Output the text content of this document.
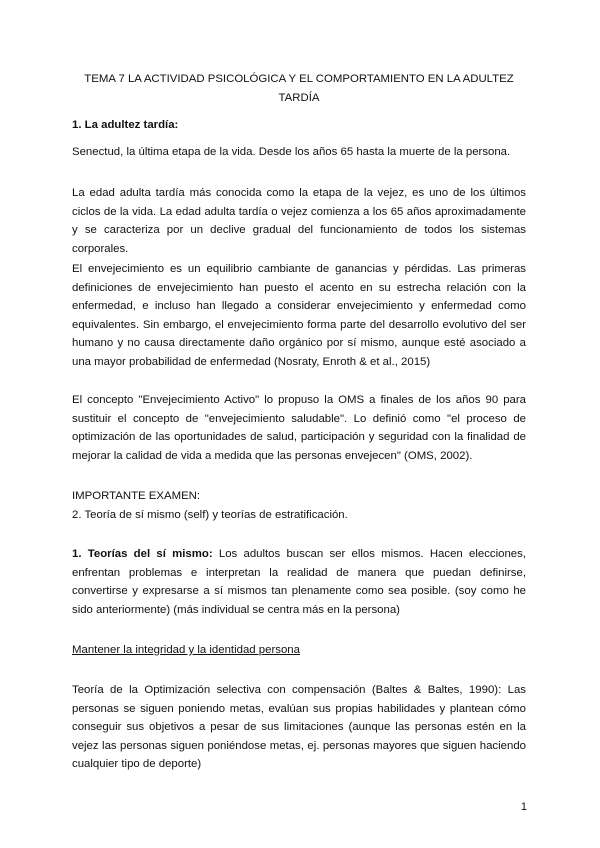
TEMA 7 LA ACTIVIDAD PSICOLÓGICA Y EL COMPORTAMIENTO EN LA ADULTEZ TARDÍA

1. La adultez tardía:

Senectud, la última etapa de la vida. Desde los años 65 hasta la muerte de la persona.

La edad adulta tardía más conocida como la etapa de la vejez, es uno de los últimos ciclos de la vida. La edad adulta tardía o vejez comienza a los 65 años aproximadamente y se caracteriza por un declive gradual del funcionamiento de todos los sistemas corporales.

El envejecimiento es un equilibrio cambiante de ganancias y pérdidas. Las primeras definiciones de envejecimiento han puesto el acento en su estrecha relación con la enfermedad, e incluso han llegado a considerar envejecimiento y enfermedad como equivalentes. Sin embargo, el envejecimiento forma parte del desarrollo evolutivo del ser humano y no causa directamente daño orgánico por sí mismo, aunque esté asociado a una mayor probabilidad de enfermedad (Nosraty, Enroth & et al., 2015)

El concepto "Envejecimiento Activo" lo propuso la OMS a finales de los años 90 para sustituir el concepto de "envejecimiento saludable". Lo definió como "el proceso de optimización de las oportunidades de salud, participación y seguridad con la finalidad de mejorar la calidad de vida a medida que las personas envejecen" (OMS, 2002).

IMPORTANTE EXAMEN:

2. Teoría de sí mismo (self) y teorías de estratificación.

1. Teorías del sí mismo: Los adultos buscan ser ellos mismos. Hacen elecciones, enfrentan problemas e interpretan la realidad de manera que puedan definirse, convertirse y expresarse a sí mismos tan plenamente como sea posible. (soy como he sido anteriormente) (más individual se centra más en la persona)

Mantener la integridad y la identidad persona

Teoría de la Optimización selectiva con compensación (Baltes & Baltes, 1990): Las personas se siguen poniendo metas, evalúan sus propias habilidades y plantean cómo conseguir sus objetivos a pesar de sus limitaciones (aunque las personas estén en la vejez las personas siguen poniéndose metas, ej. personas mayores que siguen haciendo cualquier tipo de deporte)

1
